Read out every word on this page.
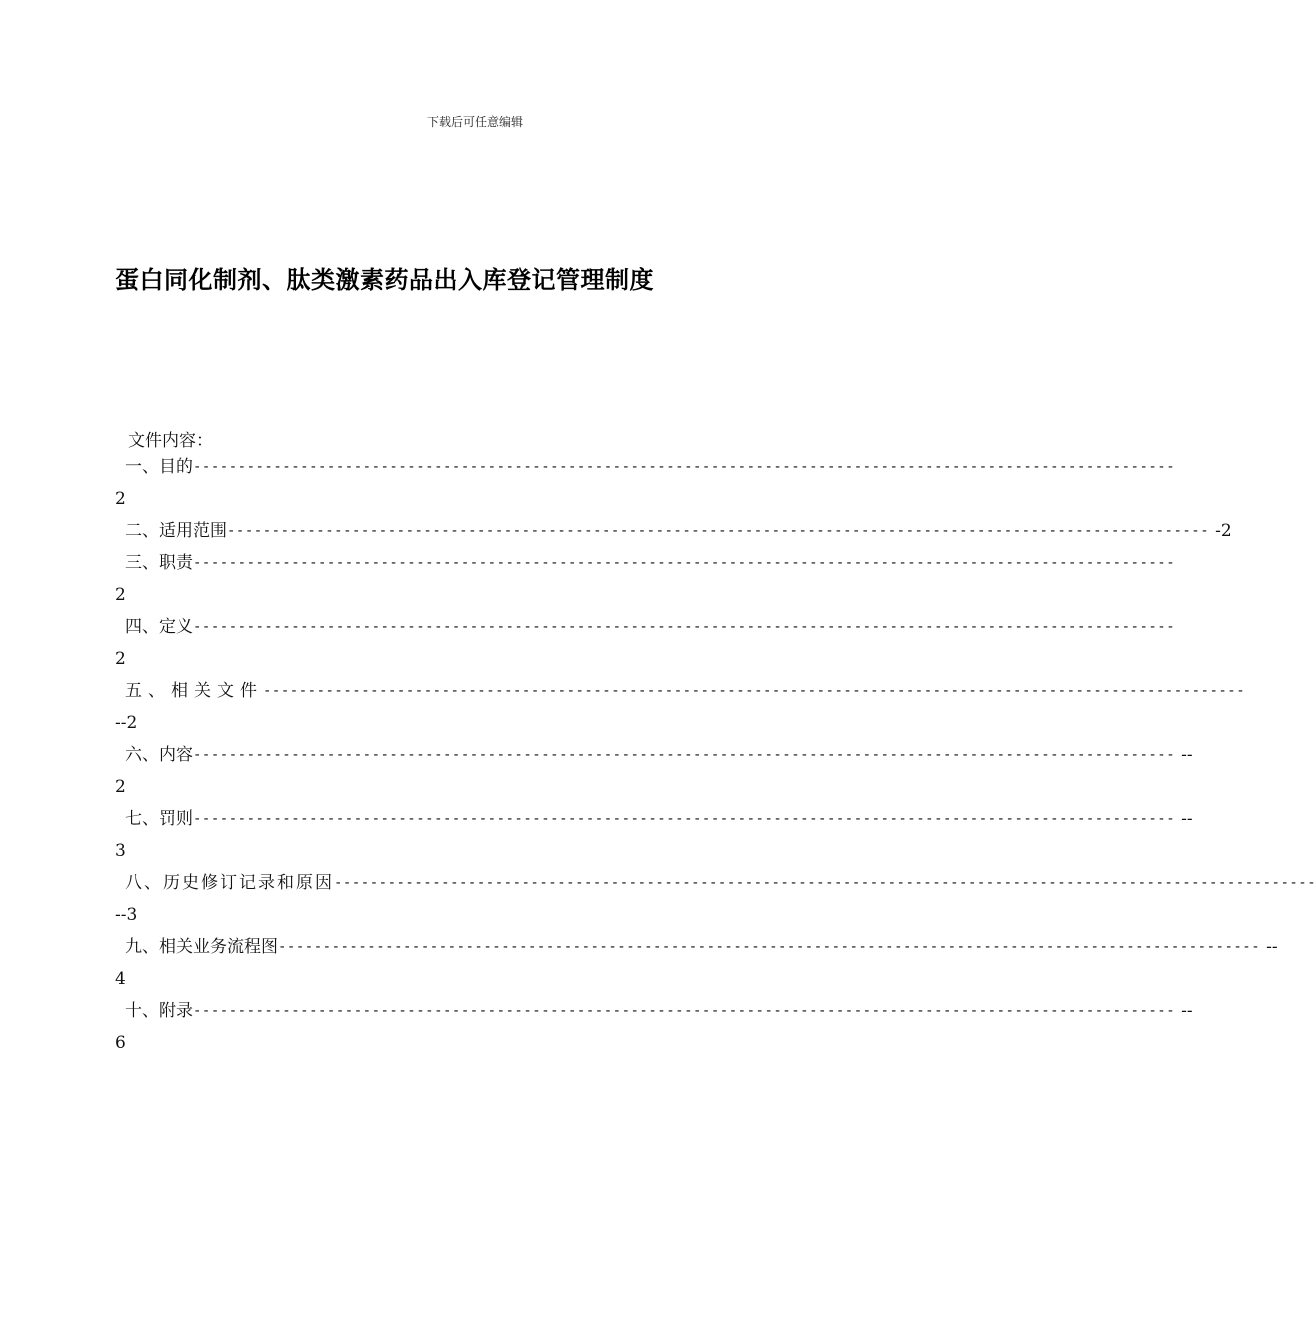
下载后可任意编辑
蛋白同化制剂、肽类激素药品出入库登记管理制度
文件内容：
一、目的 --------------------------------------------------------------------------------------------------------------
2
二、适用范围 -------------------------------------------------------------------------------------------------------------- -2
三、职责 --------------------------------------------------------------------------------------------------------------
2
四、定义 --------------------------------------------------------------------------------------------------------------
2
五、相关文件 --------------------------------------------------------------------------------------------------------------
--2
六、内容 -------------------------------------------------------------------------------------------------------------- --
2
七、罚则 -------------------------------------------------------------------------------------------------------------- --
3
八、历史修订记录和原因 --------------------------------------------------------------------------------------------------------------
--3
九、相关业务流程图 -------------------------------------------------------------------------------------------------------------- --
4
十、附录 -------------------------------------------------------------------------------------------------------------- --
6
